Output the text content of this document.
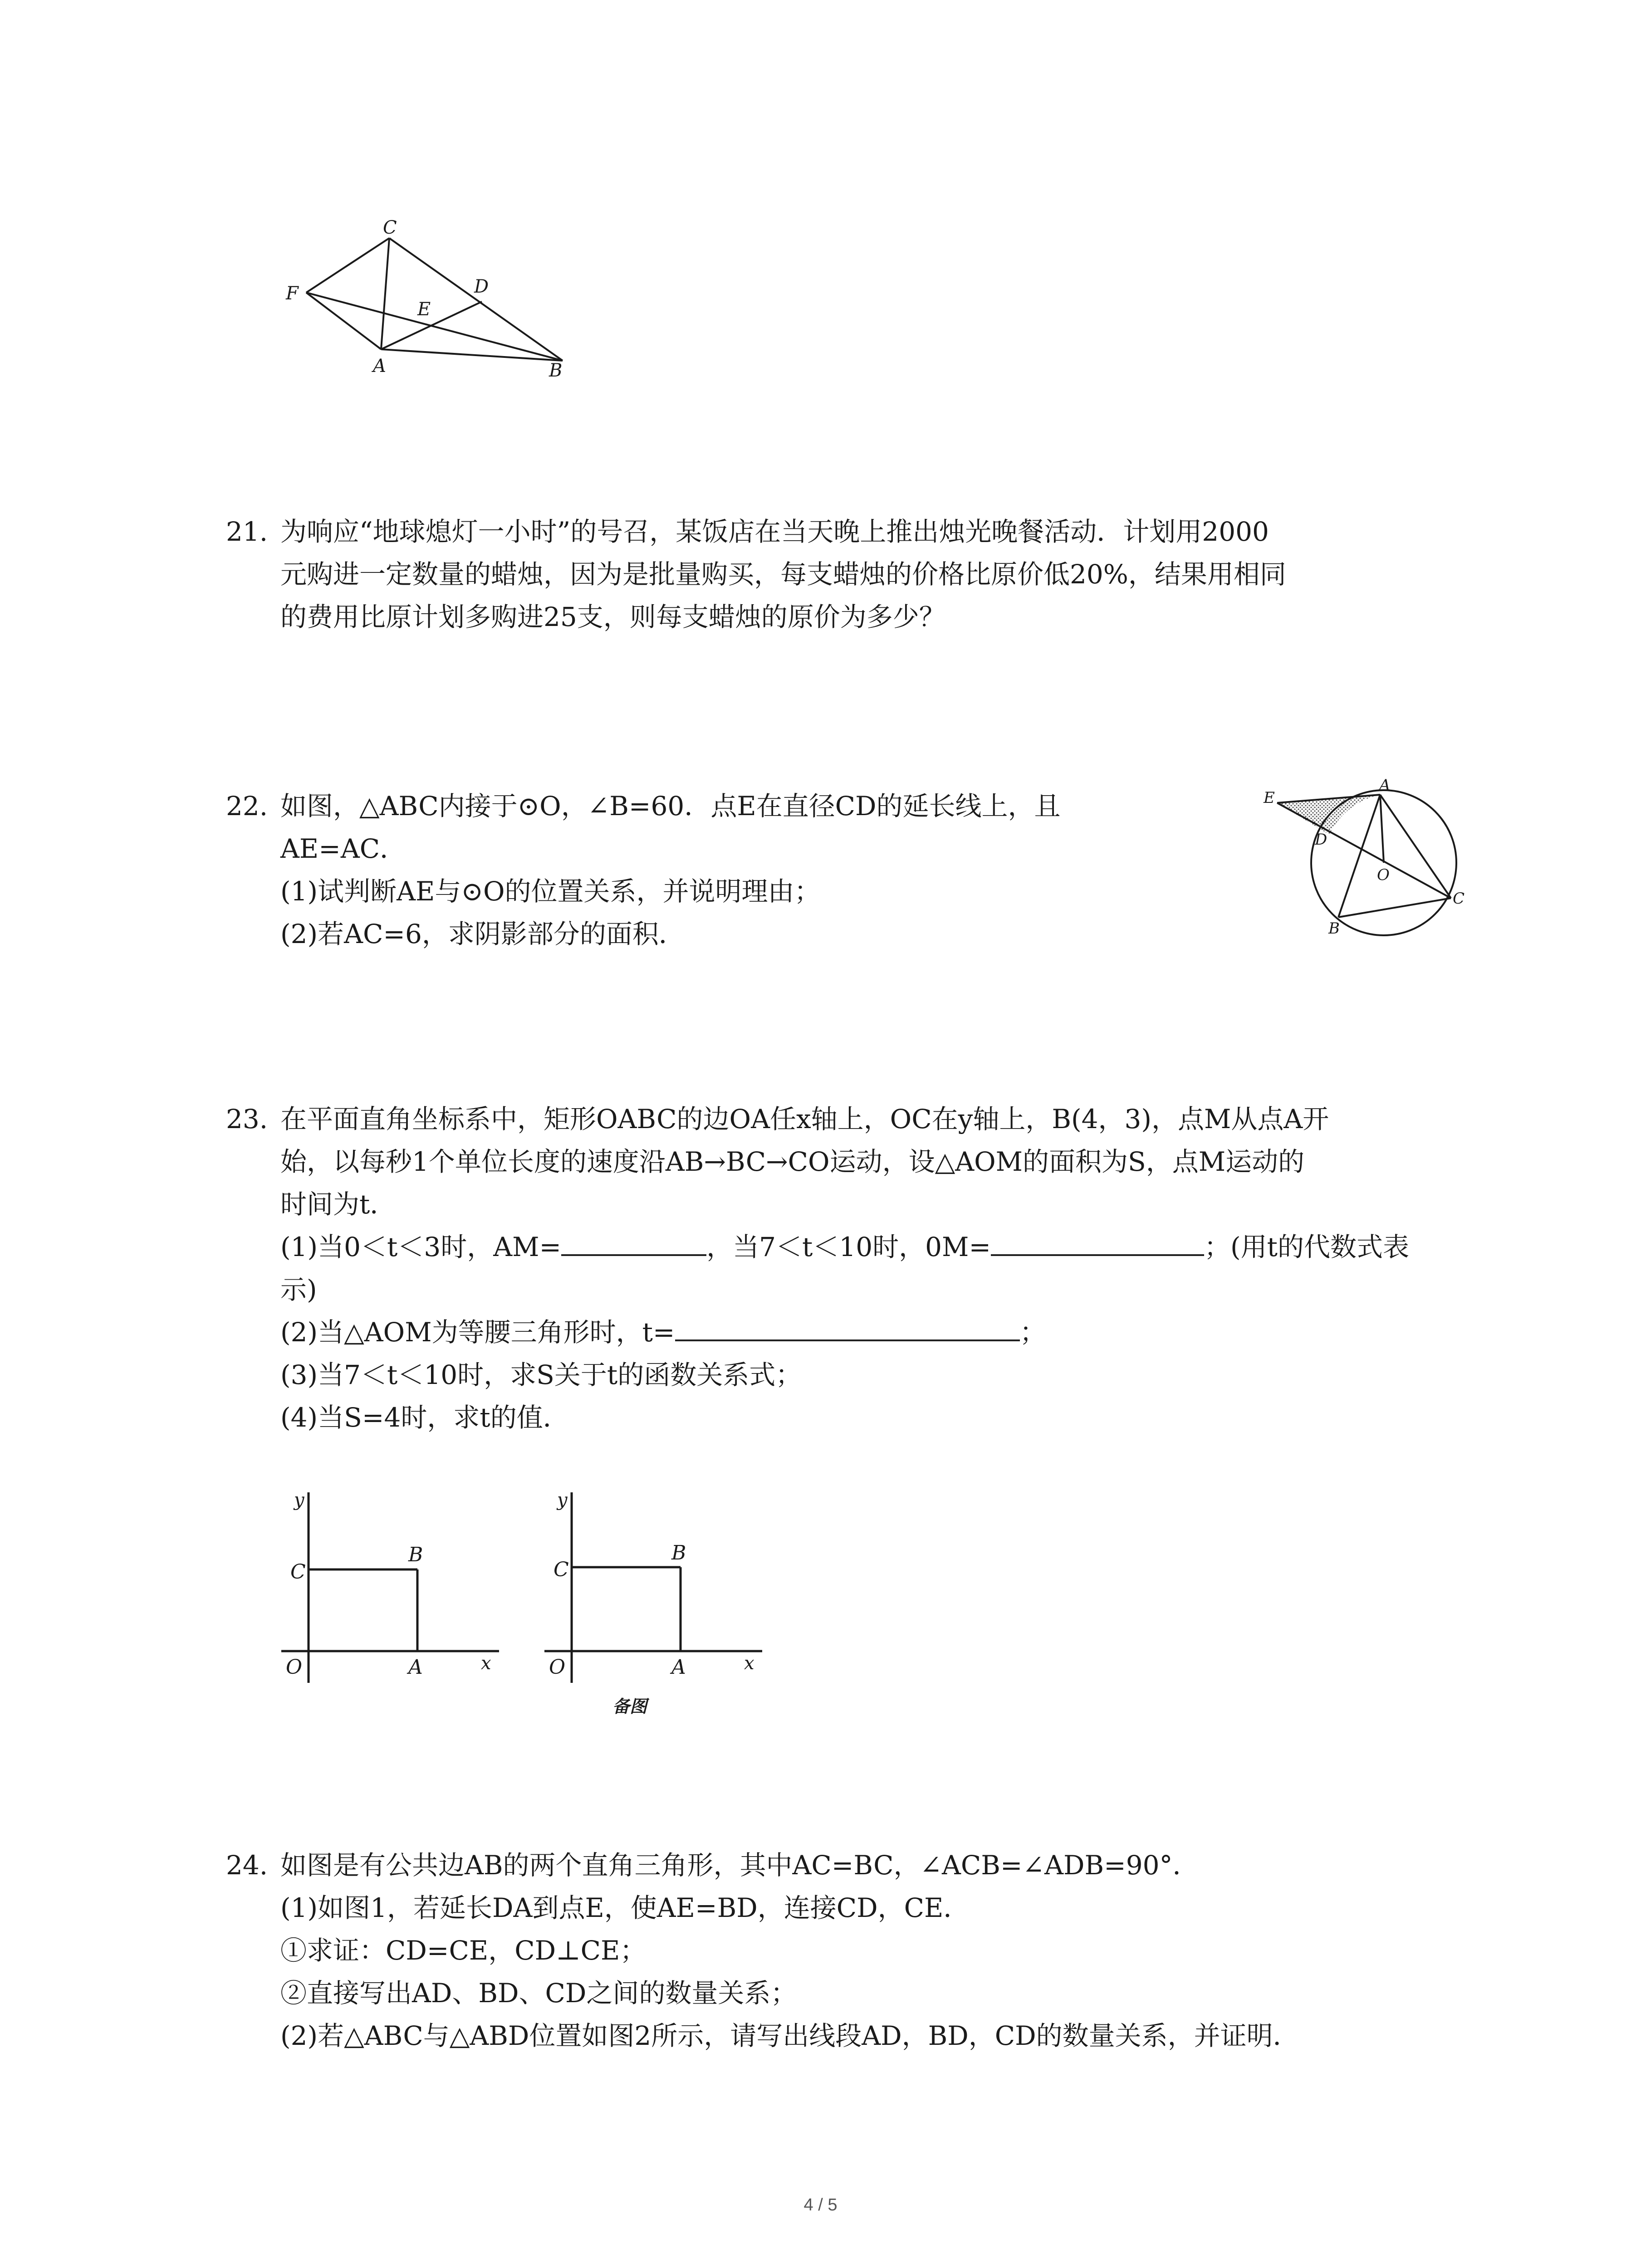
C
D
F
E
A	B
21. 为响应“地球熄灯一小时”的号召，某饭店在当天晚上推出烛光晚餐活动．计划用2000
元购进一定数量的蜡烛，因为是批量购买，每支蜡烛的价格比原价低20%，结果用相同
的费用比原计划多购进25支，则每支蜡烛的原价为多少？
22. 如图，△ABC内接于⊙O，∠B=60．点E在直径CD的延长线上，且
AE=AC．
(1)试判断AE与⊙O的位置关系，并说明理由；
(2)若AC=6，求阴影部分的面积．
E
A
D
O
C
B
23. 在平面直角坐标系中，矩形OABC的边OA任x轴上，OC在y轴上，B(4，3)，点M从点A开
始，以每秒1个单位长度的速度沿AB→BC→CO运动，设△AOM的面积为S，点M运动的
时间为t．
(1)当0＜t＜3时，AM=	，当7＜t＜10时，0M=	；(用t的代数式表
示)
(2)当△AOM为等腰三角形时，t=	；
(3)当7＜t＜10时，求S关于t的函数关系式；
(4)当S=4时，求t的值．
y
C
B
O	A	x
y
C
B
O	A	x
备图
24. 如图是有公共边AB的两个直角三角形，其中AC=BC，∠ACB=∠ADB=90°．
(1)如图1，若延长DA到点E，使AE=BD，连接CD，CE．
①求证：CD=CE，CD⊥CE；
②直接写出AD、BD、CD之间的数量关系；
(2)若△ABC与△ABD位置如图2所示，请写出线段AD，BD，CD的数量关系，并证明．
4 / 5
